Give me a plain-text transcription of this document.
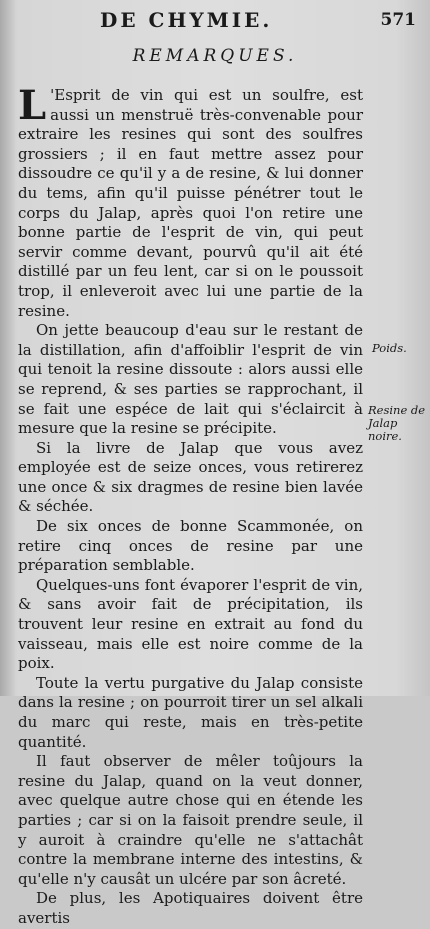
DE CHYMIE.	571
REMARQUES.

L 'Esprit de vin qui est un soulfre, est aussi un menstruë très-convenable pour extraire les resines qui sont des soulfres grossiers ; il en faut mettre assez pour dissoudre ce qu'il y a de resine, & lui donner du tems, afin qu'il puisse pénétrer tout le corps du Jalap, après quoi l'on retire une bonne partie de l'esprit de vin, qui peut servir comme devant, pourvû qu'il ait été distillé par un feu lent, car si on le poussoit trop, il enleveroit avec lui une partie de la resine.

On jette beaucoup d'eau sur le restant de la distillation, afin d'affoiblir l'esprit de vin qui tenoit la resine dissoute : alors aussi elle se reprend, & ses parties se rapprochant, il se fait une espéce de lait qui s'éclaircit à mesure que la resine se précipite.

Si la livre de Jalap que vous avez employée est de seize onces, vous retirerez une once & six dragmes de resine bien lavée & séchée.

De six onces de bonne Scammonée, on retire cinq onces de resine par une préparation semblable.

Quelques-uns font évaporer l'esprit de vin, & sans avoir fait de précipitation, ils trouvent leur resine en extrait au fond du vaisseau, mais elle est noire comme de la poix.

Toute la vertu purgative du Jalap consiste dans la resine ; on pourroit tirer un sel alkali du marc qui reste, mais en très-petite quantité.

Il faut observer de mêler toûjours la resine du Jalap, quand on la veut donner, avec quelque autre chose qui en étende les parties ; car si on la faisoit prendre seule, il y auroit à craindre qu'elle ne s'attachât contre la membrane interne des intestins, & qu'elle n'y causât un ulcére par son âcreté.

De plus, les Apotiquaires doivent être avertis

Poids.
Resine de Jalap noire.
